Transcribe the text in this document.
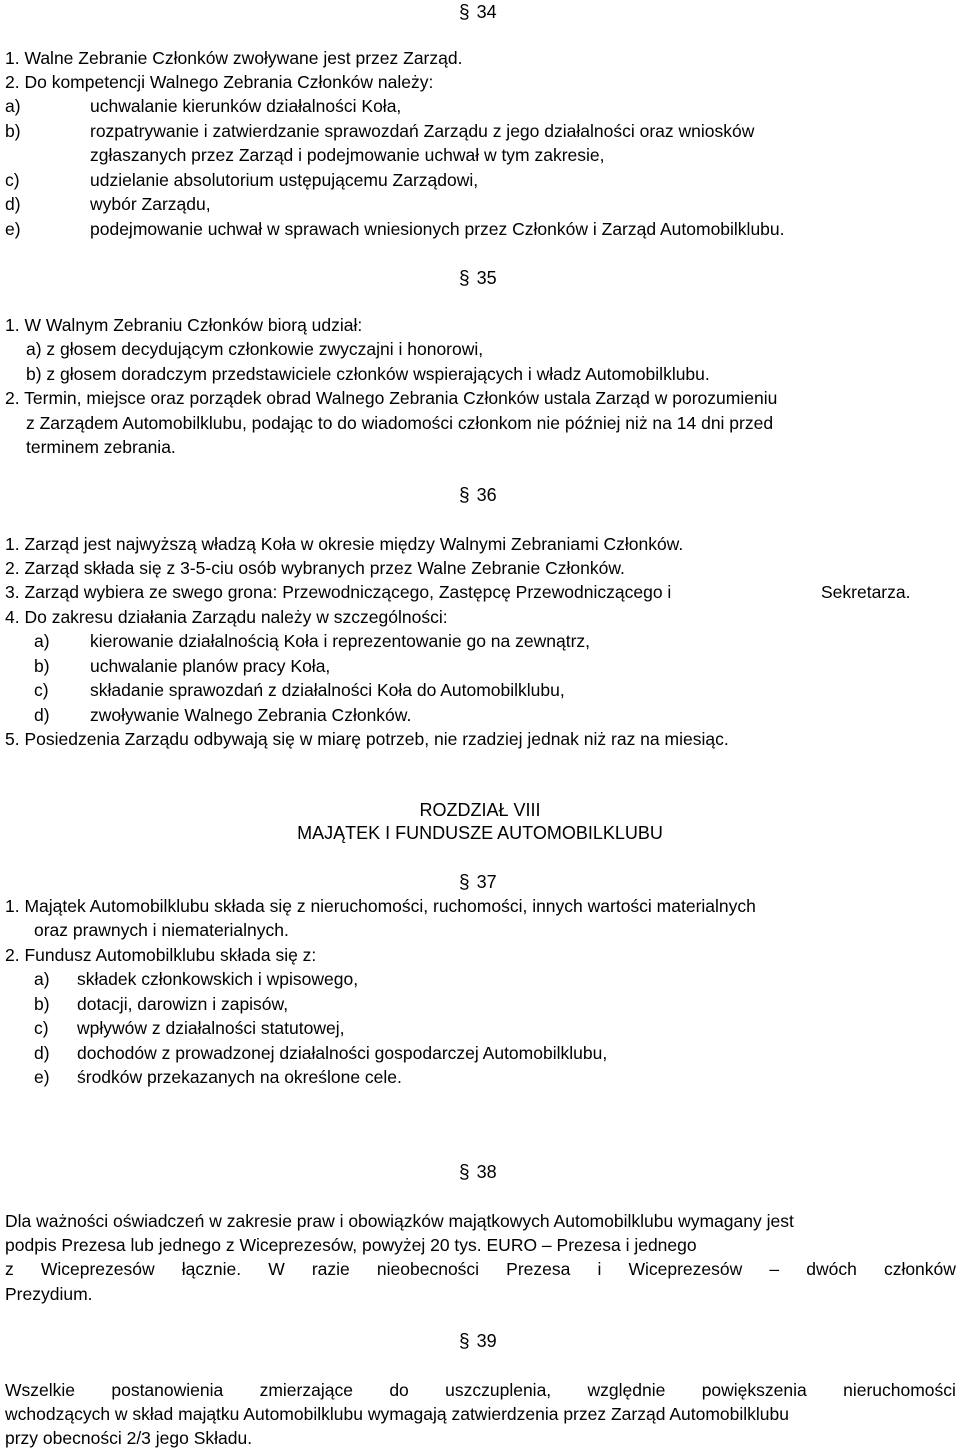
§ 34
1. Walne Zebranie Członków zwoływane jest przez Zarząd.
2. Do kompetencji Walnego Zebrania Członków należy:
a)	uchwalanie kierunków działalności Koła,
b)	rozpatrywanie i zatwierdzanie sprawozdań Zarządu z jego działalności oraz wniosków
zgłaszanych przez Zarząd i podejmowanie uchwał w tym zakresie,
c)	udzielanie absolutorium ustępującemu Zarządowi,
d)	wybór Zarządu,
e)	podejmowanie uchwał w sprawach wniesionych przez Członków i Zarząd Automobilklubu.
§ 35
1. W Walnym Zebraniu Członków biorą udział:
a) z głosem decydującym członkowie zwyczajni i honorowi,
b) z głosem doradczym przedstawiciele członków wspierających i władz Automobilklubu.
2. Termin, miejsce oraz porządek obrad Walnego Zebrania Członków ustala Zarząd w porozumieniu
z Zarządem Automobilklubu, podając to do wiadomości członkom nie później niż na 14 dni przed
terminem zebrania.
§ 36
1. Zarząd jest najwyższą władzą Koła w okresie między Walnymi Zebraniami Członków.
2. Zarząd składa się z 3-5-ciu osób wybranych przez Walne Zebranie Członków.
3. Zarząd wybiera ze swego grona: Przewodniczącego, Zastępcę Przewodniczącego i	Sekretarza.
4. Do zakresu działania Zarządu należy w szczególności:
a) kierowanie działalnością Koła i reprezentowanie go na zewnątrz,
b) uchwalanie planów pracy Koła,
c) składanie sprawozdań z działalności Koła do Automobilklubu,
d) zwoływanie Walnego Zebrania Członków.
5. Posiedzenia Zarządu odbywają się w miarę potrzeb, nie rzadziej jednak niż raz na miesiąc.
ROZDZIAŁ VIII
MAJĄTEK I FUNDUSZE AUTOMOBILKLUBU
§ 37
1. Majątek Automobilklubu składa się z nieruchomości, ruchomości, innych wartości materialnych
oraz prawnych i niematerialnych.
2. Fundusz Automobilklubu składa się z:
a) składek członkowskich i wpisowego,
b) dotacji, darowizn i zapisów,
c) wpływów z działalności statutowej,
d) dochodów z prowadzonej działalności gospodarczej Automobilklubu,
e) środków przekazanych na określone cele.
§ 38
Dla ważności oświadczeń w zakresie praw i obowiązków majątkowych Automobilklubu wymagany jest
podpis Prezesa lub jednego z Wiceprezesów, powyżej 20 tys. EURO – Prezesa i jednego
z Wiceprezesów łącznie. W razie nieobecności Prezesa i Wiceprezesów – dwóch członków
Prezydium.
§ 39
Wszelkie postanowienia zmierzające do uszczuplenia, względnie powiększenia nieruchomości
wchodzących w skład majątku Automobilklubu wymagają zatwierdzenia przez Zarząd Automobilklubu
przy obecności 2/3 jego Składu.
